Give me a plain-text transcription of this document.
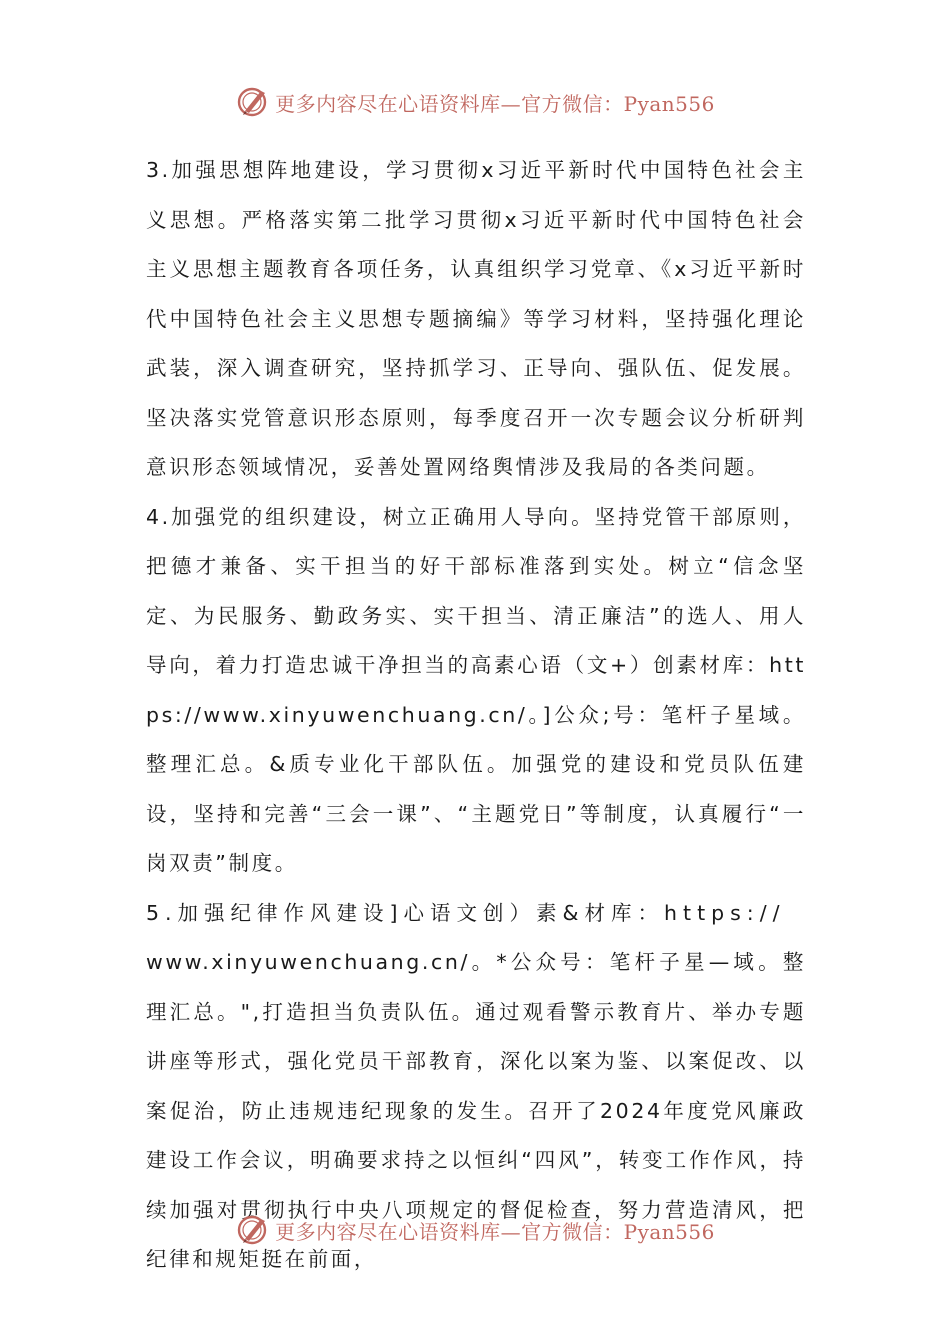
更多内容尽在心语资料库—官方微信：Pyan556

3.加强思想阵地建设，学习贯彻x习近平新时代中国特色社会主义思想。严格落实第二批学习贯彻x习近平新时代中国特色社会主义思想主题教育各项任务，认真组织学习党章、《x习近平新时代中国特色社会主义思想专题摘编》等学习材料，坚持强化理论武装，深入调查研究，坚持抓学习、正导向、强队伍、促发展。坚决落实党管意识形态原则，每季度召开一次专题会议分析研判意识形态领域情况，妥善处置网络舆情涉及我局的各类问题。

4.加强党的组织建设，树立正确用人导向。坚持党管干部原则，把德才兼备、实干担当的好干部标准落到实处。树立“信念坚定、为民服务、勤政务实、实干担当、清正廉洁”的选人、用人导向，着力打造忠诚干净担当的高素心语（文+）创素材库：https://www.xinyuwenchuang.cn/。]公众;号：笔杆子星域。整理汇总。&质专业化干部队伍。加强党的建设和党员队伍建设，坚持和完善“三会一课”、“主题党日”等制度，认真履行“一岗双责”制度。

5.加强纪律作风建设]心语文创）素&材库：https://

www.xinyuwenchuang.cn/。*公众号：笔杆子星—域。整理汇总。",打造担当负责队伍。通过观看警示教育片、举办专题讲座等形式，强化党员干部教育，深化以案为鉴、以案促改、以案促治，防止违规违纪现象的发生。召开了2024年度党风廉政建设工作会议，明确要求持之以恒纠“四风”，转变工作作风，持续加强对贯彻执行中央八项规定的督促检查，努力营造清风，把纪律和规矩挺在前面，

更多内容尽在心语资料库—官方微信：Pyan556
